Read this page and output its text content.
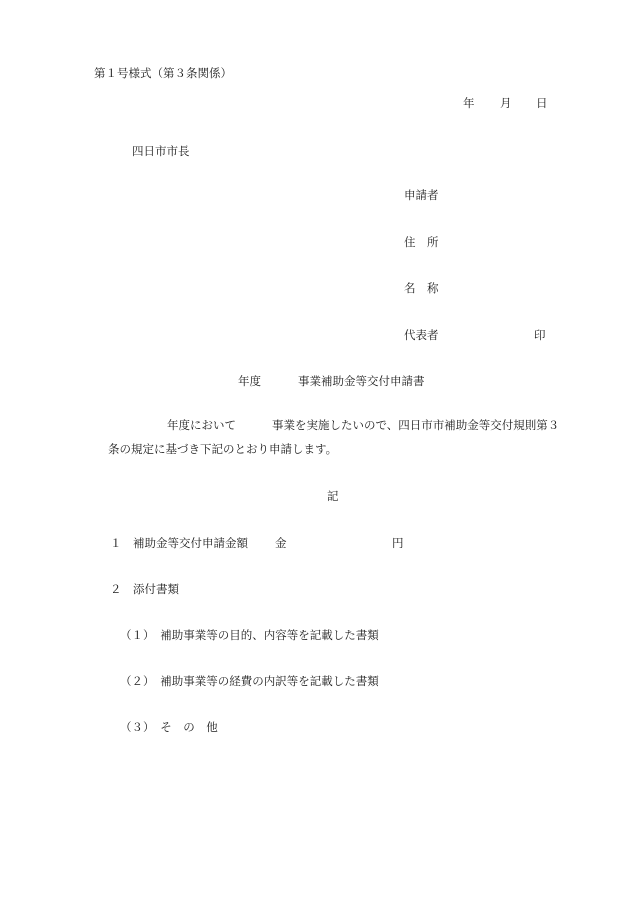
第１号様式（第３条関係）
年 月 日
四日市市長
申請者
住　所
名　称
代表者	印
年度	事業補助金等交付申請書
年度において	事業を実施したいので、四日市市補助金等交付規則第３
条の規定に基づき下記のとおり申請します。
記
１　補助金等交付申請金額 金	円
２　添付書類
（１）　補助事業等の目的、内容等を記載した書類
（２）　補助事業等の経費の内訳等を記載した書類
（３）　そ　の　他
